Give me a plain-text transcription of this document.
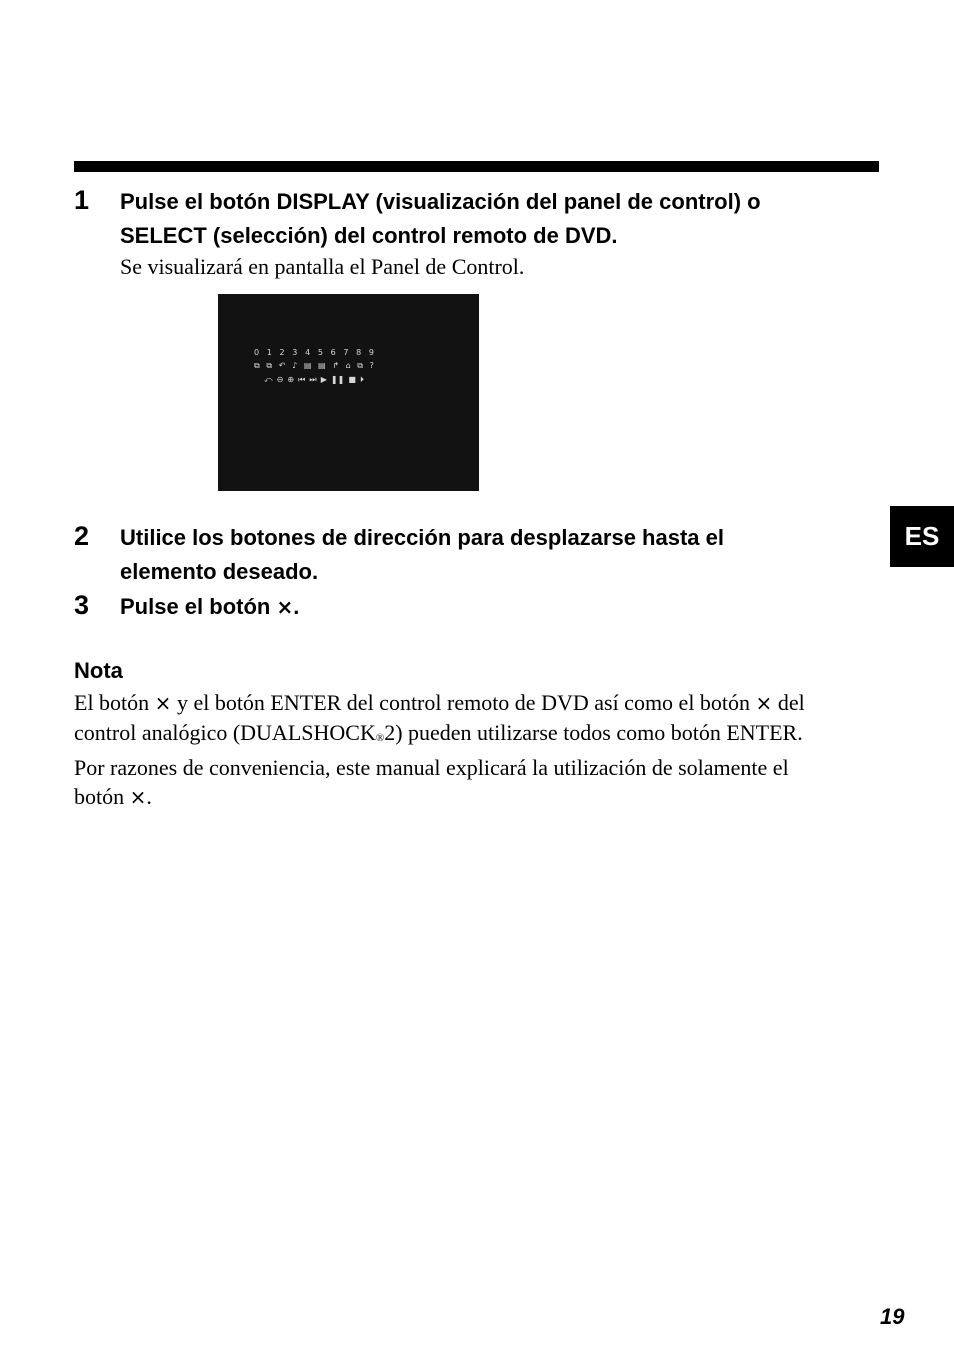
1 Pulse el botón DISPLAY (visualización del panel de control) o
SELECT (selección) del control remoto de DVD.
Se visualizará en pantalla el Panel de Control.
0 1 2 3 4 5 6 7 8 9
⧉ ⧉ ↶ ♪ ▤ ▤ ↱ ⌂ ⧉ ?
⤺ ⊖ ⊕ ⏮ ⏭ ▶ ❚❚ ■ ⏵
2 Utilice los botones de dirección para desplazarse hasta el
elemento deseado.
3 Pulse el botón ×.
ES
Nota
El botón × y el botón ENTER del control remoto de DVD así como el botón × del
control analógico (DUALSHOCK®2) pueden utilizarse todos como botón ENTER.
Por razones de conveniencia, este manual explicará la utilización de solamente el
botón ×.
19
